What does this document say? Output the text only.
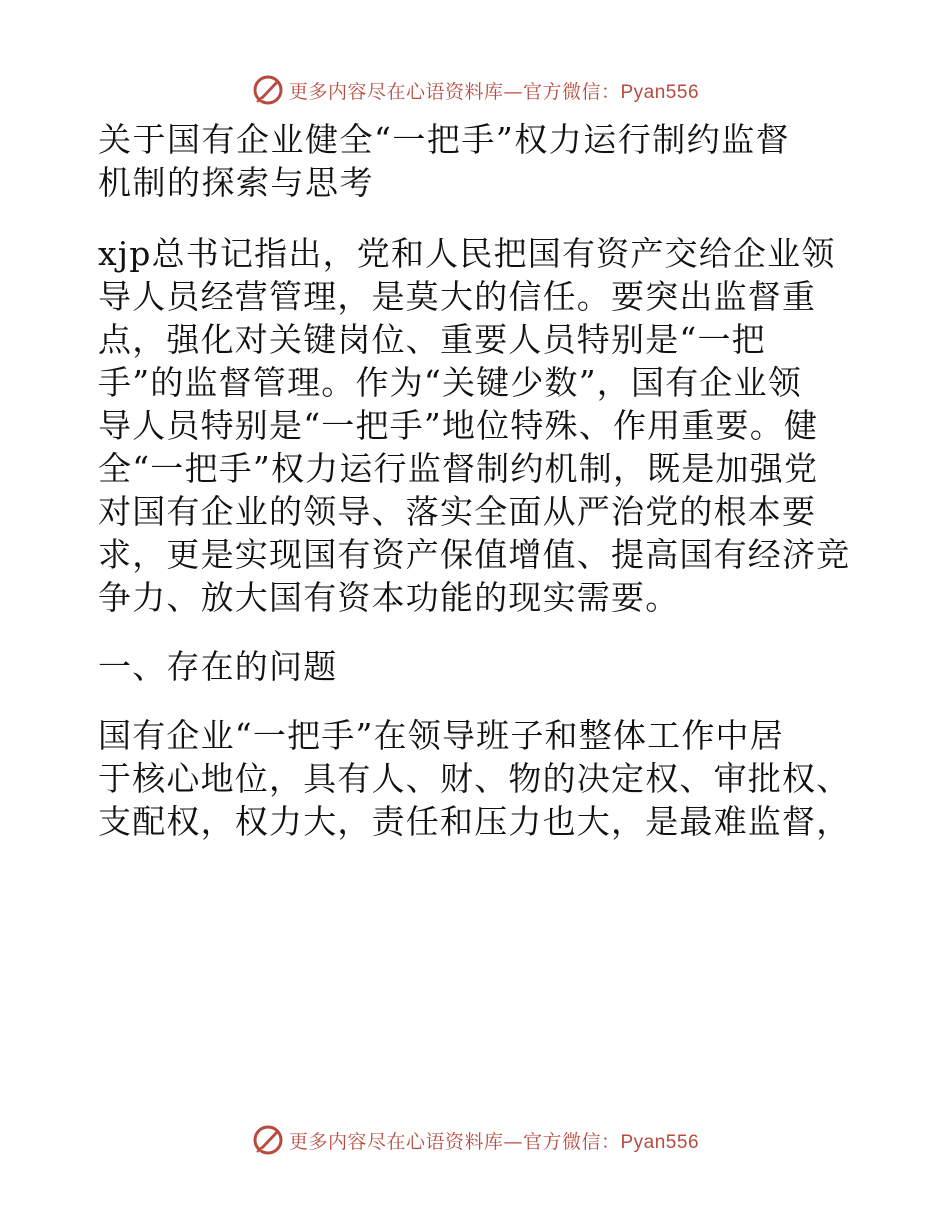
更多内容尽在心语资料库—官方微信：Pyan556
关于国有企业健全“一把手”权力运行制约监督
机制的探索与思考
xjp总书记指出，党和人民把国有资产交给企业领
导人员经营管理，是莫大的信任。要突出监督重
点，强化对关键岗位、重要人员特别是“一把
手”的监督管理。作为“关键少数”，国有企业领
导人员特别是“一把手”地位特殊、作用重要。健
全“一把手”权力运行监督制约机制，既是加强党
对国有企业的领导、落实全面从严治党的根本要
求，更是实现国有资产保值增值、提高国有经济竞
争力、放大国有资本功能的现实需要。
一、存在的问题
国有企业“一把手”在领导班子和整体工作中居
于核心地位，具有人、财、物的决定权、审批权、
支配权，权力大，责任和压力也大，是最难监督，
更多内容尽在心语资料库—官方微信：Pyan556
